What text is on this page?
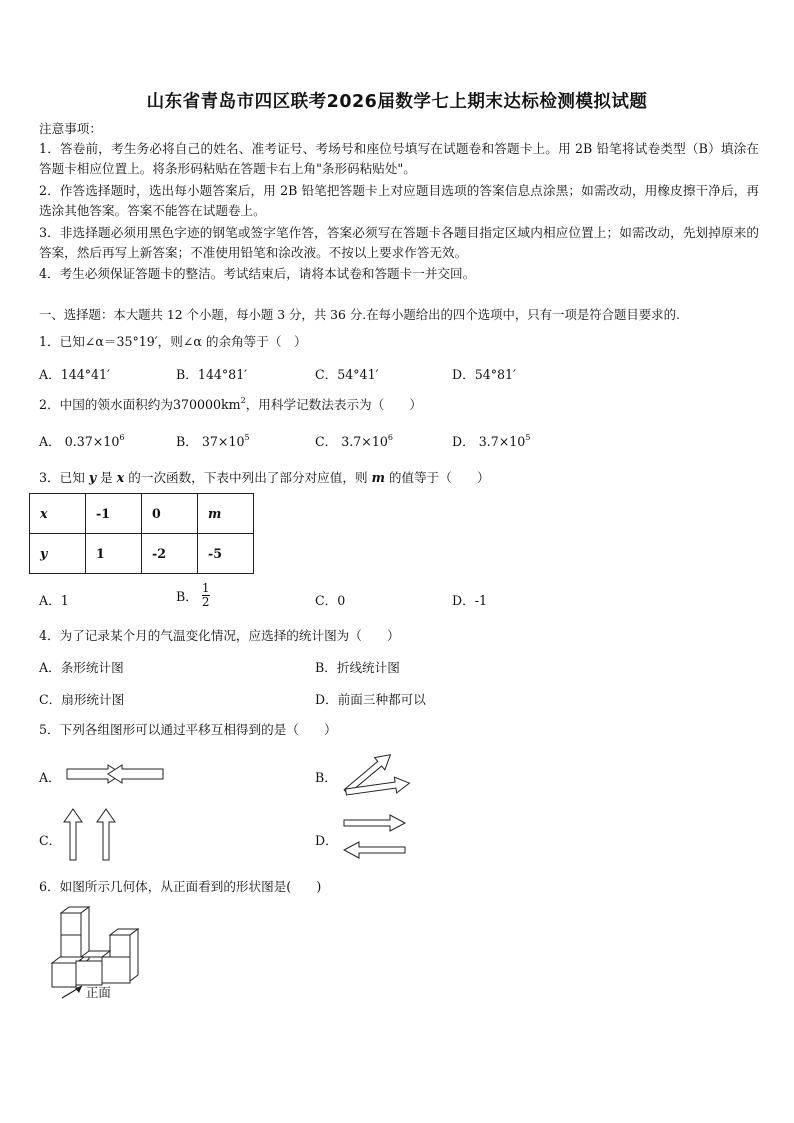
山东省青岛市四区联考2026届数学七上期末达标检测模拟试题
注意事项：
1．答卷前，考生务必将自己的姓名、准考证号、考场号和座位号填写在试题卷和答题卡上。用 2B 铅笔将试卷类型（B）填涂在答题卡相应位置上。将条形码粘贴在答题卡右上角"条形码粘贴处"。
2．作答选择题时，选出每小题答案后，用 2B 铅笔把答题卡上对应题目选项的答案信息点涂黑；如需改动，用橡皮擦干净后，再选涂其他答案。答案不能答在试题卷上。
3．非选择题必须用黑色字迹的钢笔或签字笔作答，答案必须写在答题卡各题目指定区域内相应位置上；如需改动，先划掉原来的答案，然后再写上新答案；不准使用铅笔和涂改液。不按以上要求作答无效。
4．考生必须保证答题卡的整洁。考试结束后，请将本试卷和答题卡一并交回。
一、选择题：本大题共 12 个小题，每小题 3 分，共 36 分.在每小题给出的四个选项中，只有一项是符合题目要求的.
1．已知∠α＝35°19′，则∠α 的余角等于（　）
A．144°41′	B．144°81′	C．54°41′	D．54°81′
2．中国的领水面积约为$370000km^2$，用科学记数法表示为（　　）
A． $0.37\times 10^6$	B． $37\times 10^5$	C． $3.7\times 10^6$	D． $3.7\times 10^5$
3．已知 y 是 x 的一次函数，下表中列出了部分对应值，则 m 的值等于（　　）
x	-1	0	m
y	1	-2	-5
A．1	B． $\frac{1}{2}$	C．0	D．-1
4．为了记录某个月的气温变化情况，应选择的统计图为（　　）
A．条形统计图	B．折线统计图
C．扇形统计图	D．前面三种都可以
5．下列各组图形可以通过平移互相得到的是（　　）
A．	B．
C．	D．
6．如图所示几何体，从正面看到的形状图是(　　)
正面
